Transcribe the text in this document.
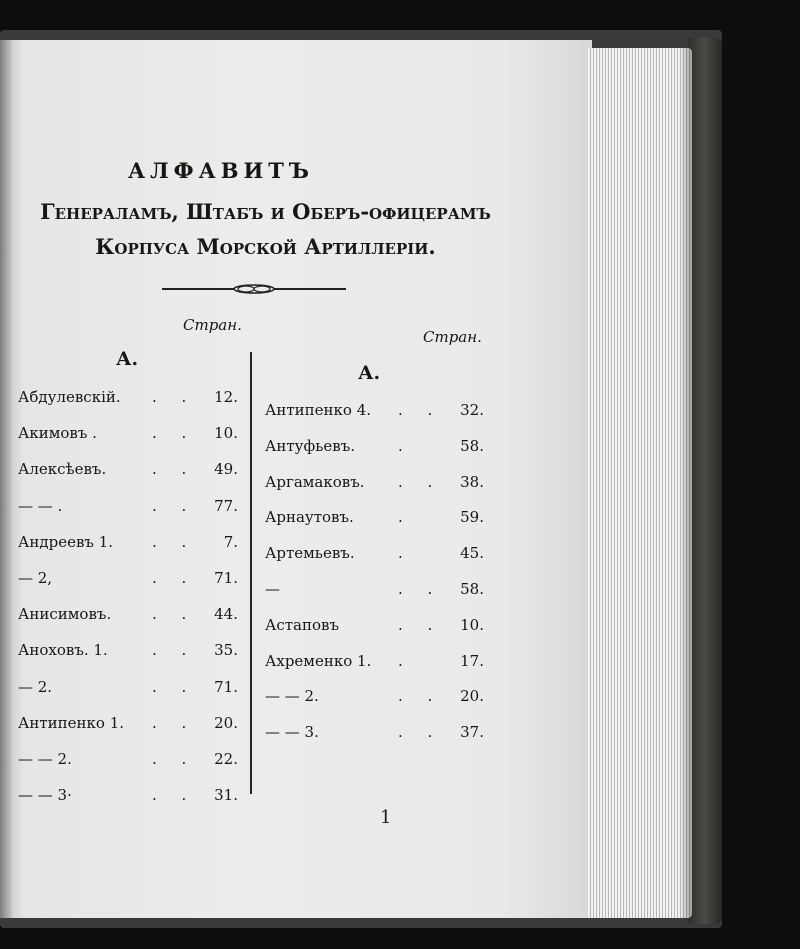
АЛФАВИТЪ
Генераламъ, Штабъ и Оберъ-офицерамъ
Корпуса Морской Артиллерiи.
Стран.
А.
Стран.
А.
Абдулевскiй. . . 12.
Акимовъ .	. . 10.
Алексѣевъ.	. . 49.
— — .	. . 77.
Андреевъ 1.	. . 7.
— 2,	. . 71.
Анисимовъ.	. . 44.
Аноховъ. 1.	. . 35.
— 2.	. . 71.
Антипенко 1. . . 20.
— — 2.	. . 22.
— — 3·	. . 31.
Антипенко 4. . . 32.
Антуфьевъ.	.	58.
Аргамаковъ. . . 38.
Арнаутовъ.	.	59.
Артемьевъ.	.	45.
—	. . 58.
Астаповъ	. . 10.
Ахременко 1. .	17.
— — 2.	. . 20.
— — 3.	. . 37.
1
